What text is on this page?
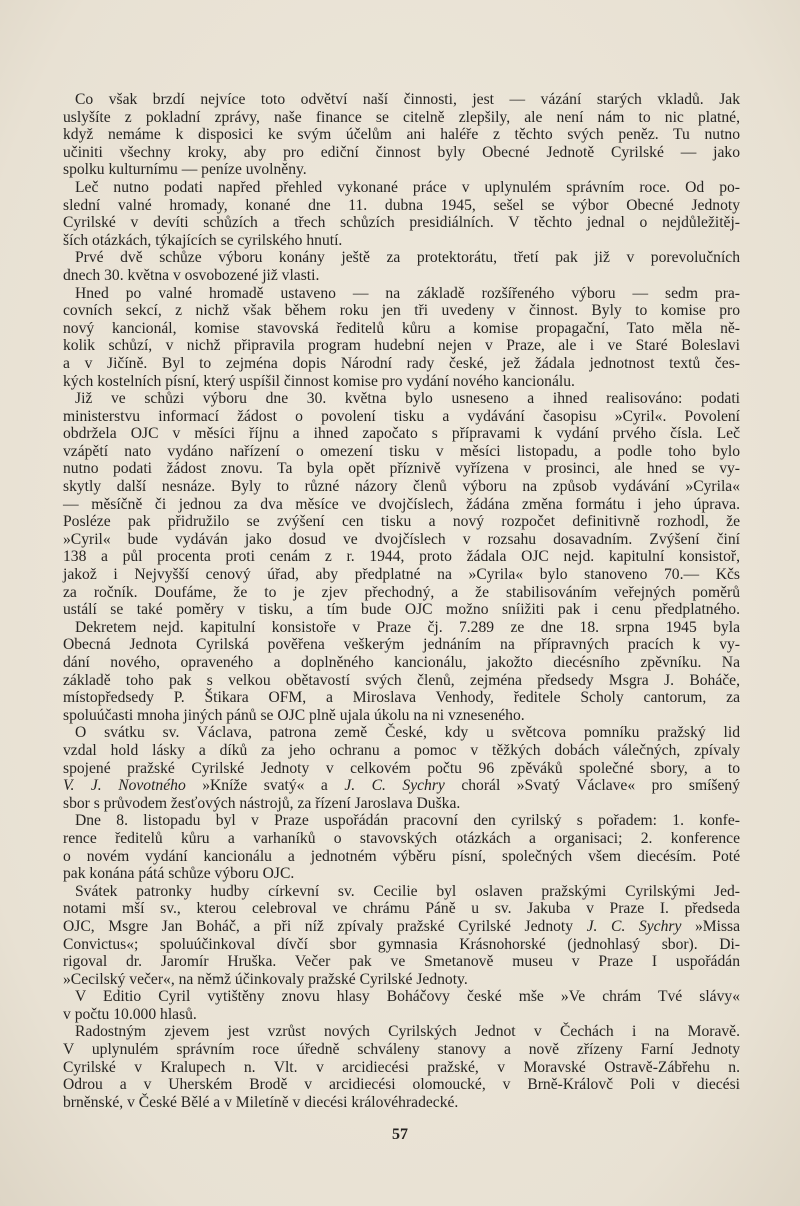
Co však brzdí nejvíce toto odvětví naší činnosti, jest — vázání starých vkladů. Jak
uslyšíte z pokladní zprávy, naše finance se citelně zlepšily, ale není nám to nic platné,
když nemáme k disposici ke svým účelům ani haléře z těchto svých peněz. Tu nutno
učiniti všechny kroky, aby pro ediční činnost byly Obecné Jednotě Cyrilské — jako
spolku kulturnímu — peníze uvolněny.
Leč nutno podati napřed přehled vykonané práce v uplynulém správním roce. Od po-
slední valné hromady, konané dne 11. dubna 1945, sešel se výbor Obecné Jednoty
Cyrilské v devíti schůzích a třech schůzích presidiálních. V těchto jednal o nejdůležitěj-
ších otázkách, týkajících se cyrilského hnutí.
Prvé dvě schůze výboru konány ještě za protektorátu, třetí pak již v porevolučních
dnech 30. května v osvobozené již vlasti.
Hned po valné hromadě ustaveno — na základě rozšířeného výboru — sedm pra-
covních sekcí, z nichž však během roku jen tři uvedeny v činnost. Byly to komise pro
nový kancionál, komise stavovská ředitelů kůru a komise propagační, Tato měla ně-
kolik schůzí, v nichž připravila program hudební nejen v Praze, ale i ve Staré Boleslavi
a v Jičíně. Byl to zejména dopis Národní rady české, jež žádala jednotnost textů čes-
kých kostelních písní, který uspíšil činnost komise pro vydání nového kancionálu.
Již ve schůzi výboru dne 30. května bylo usneseno a ihned realisováno: podati
ministerstvu informací žádost o povolení tisku a vydávání časopisu »Cyril«. Povolení
obdržela OJC v měsíci říjnu a ihned započato s přípravami k vydání prvého čísla. Leč
vzápětí nato vydáno nařízení o omezení tisku v měsíci listopadu, a podle toho bylo
nutno podati žádost znovu. Ta byla opět příznivě vyřízena v prosinci, ale hned se vy-
skytly další nesnáze. Byly to různé názory členů výboru na způsob vydávání »Cyrila«
— měsíčně či jednou za dva měsíce ve dvojčíslech, žádána změna formátu i jeho úprava.
Posléze pak přidružilo se zvýšení cen tisku a nový rozpočet definitivně rozhodl, že
»Cyril« bude vydáván jako dosud ve dvojčíslech v rozsahu dosavadním. Zvýšení činí
138 a půl procenta proti cenám z r. 1944, proto žádala OJC nejd. kapitulní konsistoř,
jakož i Nejvyšší cenový úřad, aby předplatné na »Cyrila« bylo stanoveno 70.— Kčs
za ročník. Doufáme, že to je zjev přechodný, a že stabilisováním veřejných poměrů
ustálí se také poměry v tisku, a tím bude OJC možno sníižiti pak i cenu předplatného.
Dekretem nejd. kapitulní konsistoře v Praze čj. 7.289 ze dne 18. srpna 1945 byla
Obecná Jednota Cyrilská pověřena veškerým jednáním na přípravných pracích k vy-
dání nového, opraveného a doplněného kancionálu, jakožto diecésního zpěvníku. Na
základě toho pak s velkou obětavostí svých členů, zejména předsedy Msgra J. Boháče,
místopředsedy P. Štikara OFM, a Miroslava Venhody, ředitele Scholy cantorum, za
spoluúčasti mnoha jiných pánů se OJC plně ujala úkolu na ni vzneseného.
O svátku sv. Václava, patrona země České, kdy u světcova pomníku pražský lid
vzdal hold lásky a díků za jeho ochranu a pomoc v těžkých dobách válečných, zpívaly
spojené pražské Cyrilské Jednoty v celkovém počtu 96 zpěváků společné sbory, a to
V. J. Novotného »Kníže svatý« a J. C. Sychry chorál »Svatý Václave« pro smíšený
sbor s průvodem žesťových nástrojů, za řízení Jaroslava Duška.
Dne 8. listopadu byl v Praze uspořádán pracovní den cyrilský s pořadem: 1. konfe-
rence ředitelů kůru a varhaníků o stavovských otázkách a organisaci; 2. konference
o novém vydání kancionálu a jednotném výběru písní, společných všem diecésím. Poté
pak konána pátá schůze výboru OJC.
Svátek patronky hudby církevní sv. Cecilie byl oslaven pražskými Cyrilskými Jed-
notami mší sv., kterou celebroval ve chrámu Páně u sv. Jakuba v Praze I. předseda
OJC, Msgre Jan Boháč, a při níž zpívaly pražské Cyrilské Jednoty J. C. Sychry »Missa
Convictus«; spoluúčinkoval dívčí sbor gymnasia Krásnohorské (jednohlasý sbor). Di-
rigoval dr. Jaromír Hruška. Večer pak ve Smetanově museu v Praze I uspořádán
»Cecilský večer«, na němž účinkovaly pražské Cyrilské Jednoty.
V Editio Cyril vytištěny znovu hlasy Boháčovy české mše »Ve chrám Tvé slávy«
v počtu 10.000 hlasů.
Radostným zjevem jest vzrůst nových Cyrilských Jednot v Čechách i na Moravě.
V uplynulém správním roce úředně schváleny stanovy a nově zřízeny Farní Jednoty
Cyrilské v Kralupech n. Vlt. v arcidiecési pražské, v Moravské Ostravě-Zábřehu n.
Odrou a v Uherském Brodě v arcidiecési olomoucké, v Brně-Královč Poli v diecési
brněnské, v České Bělé a v Miletíně v diecési královéhradecké.
57
